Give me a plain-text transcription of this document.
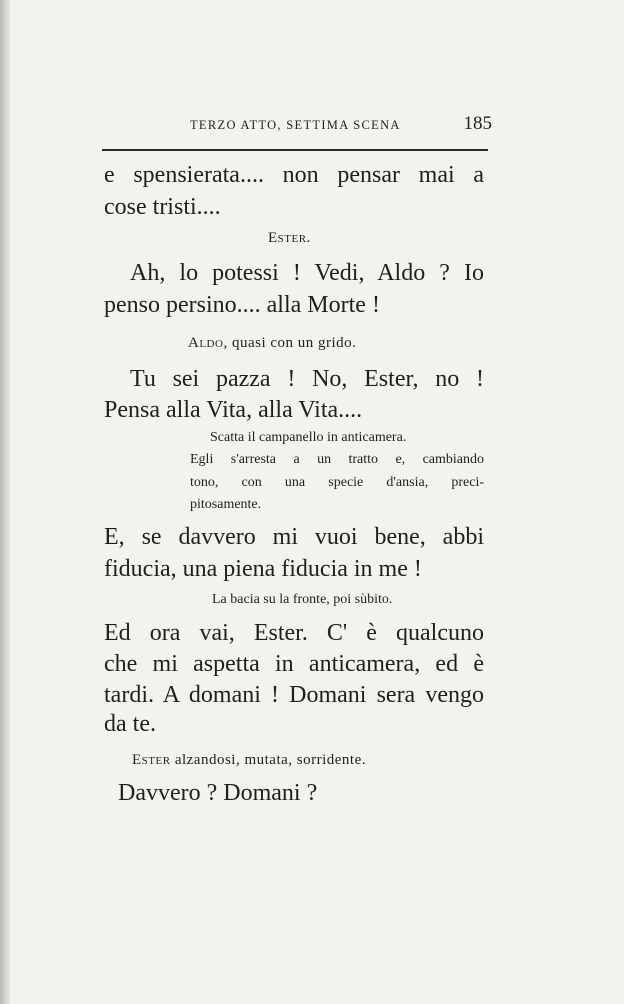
TERZO ATTO, SETTIMA SCENA	185
e spensierata.... non pensar mai a
cose tristi....
Ester.
Ah, lo potessi ! Vedi, Aldo ? Io
penso persino.... alla Morte !
Aldo, quasi con un grido.
Tu sei pazza ! No, Ester, no !
Pensa alla Vita, alla Vita....
Scatta il campanello in anticamera.
Egli s'arresta a un tratto e, cambiando
tono, con una specie d'ansia, preci-
pitosamente.
E, se davvero mi vuoi bene, abbi
fiducia, una piena fiducia in me !
La bacia su la fronte, poi sùbito.
Ed ora vai, Ester. C' è qualcuno
che mi aspetta in anticamera, ed è
tardi. A domani ! Domani sera vengo
da te.
Ester alzandosi, mutata, sorridente.
Davvero ? Domani ?
